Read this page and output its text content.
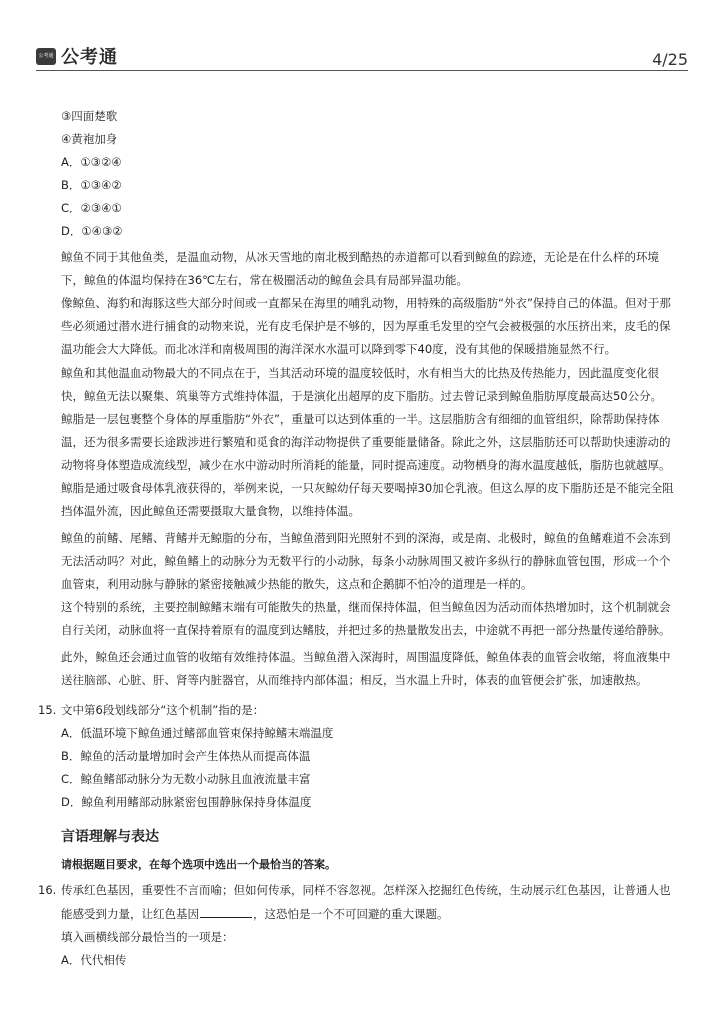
公考通 公考通	4/25
③四面楚歌
④黄袍加身
A．①③②④
B．①③④②
C．②③④①
D．①④③②
鲸鱼不同于其他鱼类，是温血动物，从冰天雪地的南北极到酷热的赤道都可以看到鲸鱼的踪迹，无论是在什么样的环境
下，鲸鱼的体温均保持在36℃左右，常在极圈活动的鲸鱼会具有局部异温功能。
像鲸鱼、海豹和海豚这些大部分时间或一直都呆在海里的哺乳动物，用特殊的高级脂肪“外衣”保持自己的体温。但对于那
些必须通过潜水进行捕食的动物来说，光有皮毛保护是不够的，因为厚重毛发里的空气会被极强的水压挤出来，皮毛的保
温功能会大大降低。而北冰洋和南极周围的海洋深水水温可以降到零下40度，没有其他的保暖措施显然不行。
鲸鱼和其他温血动物最大的不同点在于，当其活动环境的温度较低时，水有相当大的比热及传热能力，因此温度变化很
快，鲸鱼无法以聚集、筑巢等方式维持体温，于是演化出超厚的皮下脂肪。过去曾记录到鲸鱼脂肪厚度最高达50公分。
鲸脂是一层包裹整个身体的厚重脂肪“外衣”，重量可以达到体重的一半。这层脂肪含有细细的血管组织，除帮助保持体
温，还为很多需要长途跋涉进行繁殖和觅食的海洋动物提供了重要能量储备。除此之外，这层脂肪还可以帮助快速游动的
动物将身体塑造成流线型，减少在水中游动时所消耗的能量，同时提高速度。动物栖身的海水温度越低，脂肪也就越厚。
鲸脂是通过吸食母体乳液获得的，举例来说，一只灰鲸幼仔每天要喝掉30加仑乳液。但这么厚的皮下脂肪还是不能完全阻
挡体温外流，因此鲸鱼还需要摄取大量食物，以维持体温。
鲸鱼的前鳍、尾鳍、背鳍并无鲸脂的分布，当鲸鱼潜到阳光照射不到的深海，或是南、北极时，鲸鱼的鱼鳍难道不会冻到
无法活动吗？对此，鲸鱼鳍上的动脉分为无数平行的小动脉，每条小动脉周围又被许多纵行的静脉血管包围，形成一个个
血管束，利用动脉与静脉的紧密接触减少热能的散失，这点和企鹅脚不怕冷的道理是一样的。
这个特别的系统，主要控制鲸鳍末端有可能散失的热量，继而保持体温，但当鲸鱼因为活动而体热增加时，这个机制就会
自行关闭，动脉血将一直保持着原有的温度到达鳍肢，并把过多的热量散发出去，中途就不再把一部分热量传递给静脉。
此外，鲸鱼还会通过血管的收缩有效维持体温。当鲸鱼潜入深海时，周围温度降低，鲸鱼体表的血管会收缩，将血液集中
送往脑部、心脏、肝、肾等内脏器官，从而维持内部体温；相反，当水温上升时，体表的血管便会扩张，加速散热。
15. 文中第6段划线部分“这个机制”指的是：
A．低温环境下鲸鱼通过鳍部血管束保持鲸鳍末端温度
B．鲸鱼的活动量增加时会产生体热从而提高体温
C．鲸鱼鳍部动脉分为无数小动脉且血液流量丰富
D．鲸鱼利用鳍部动脉紧密包围静脉保持身体温度
言语理解与表达
请根据题目要求，在每个选项中选出一个最恰当的答案。
16. 传承红色基因，重要性不言而喻；但如何传承，同样不容忽视。怎样深入挖掘红色传统，生动展示红色基因，让普通人也
能感受到力量，让红色基因	，这恐怕是一个不可回避的重大课题。
填入画横线部分最恰当的一项是：
A．代代相传
